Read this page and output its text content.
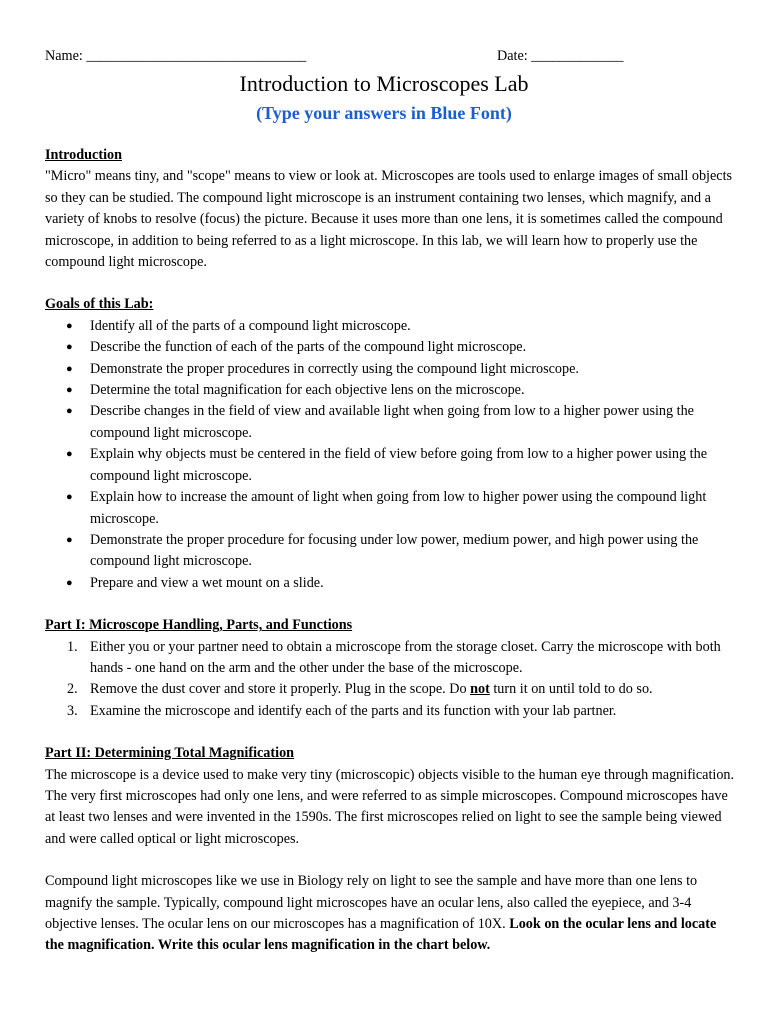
Name: _______________________________	Date: _____________
Introduction to Microscopes Lab
(Type your answers in Blue Font)

Introduction

"Micro" means tiny, and "scope" means to view or look at. Microscopes are tools used to enlarge images of small objects so they can be studied. The compound light microscope is an instrument containing two lenses, which magnify, and a variety of knobs to resolve (focus) the picture. Because it uses more than one lens, it is sometimes called the compound microscope, in addition to being referred to as a light microscope. In this lab, we will learn how to properly use the compound light microscope.

Goals of this Lab:

● Identify all of the parts of a compound light microscope.
● Describe the function of each of the parts of the compound light microscope.
● Demonstrate the proper procedures in correctly using the compound light microscope.
● Determine the total magnification for each objective lens on the microscope.
● Describe changes in the field of view and available light when going from low to a higher power using the compound light microscope.
● Explain why objects must be centered in the field of view before going from low to a higher power using the compound light microscope.
● Explain how to increase the amount of light when going from low to higher power using the compound light microscope.
● Demonstrate the proper procedure for focusing under low power, medium power, and high power using the compound light microscope.
● Prepare and view a wet mount on a slide.

Part I: Microscope Handling, Parts, and Functions

1. Either you or your partner need to obtain a microscope from the storage closet. Carry the microscope with both hands - one hand on the arm and the other under the base of the microscope.
2. Remove the dust cover and store it properly. Plug in the scope. Do not turn it on until told to do so.
3. Examine the microscope and identify each of the parts and its function with your lab partner.

Part II: Determining Total Magnification

The microscope is a device used to make very tiny (microscopic) objects visible to the human eye through magnification. The very first microscopes had only one lens, and were referred to as simple microscopes. Compound microscopes have at least two lenses and were invented in the 1590s. The first microscopes relied on light to see the sample being viewed and were called optical or light microscopes.

Compound light microscopes like we use in Biology rely on light to see the sample and have more than one lens to magnify the sample. Typically, compound light microscopes have an ocular lens, also called the eyepiece, and 3-4 objective lenses. The ocular lens on our microscopes has a magnification of 10X. Look on the ocular lens and locate the magnification. Write this ocular lens magnification in the chart below.
